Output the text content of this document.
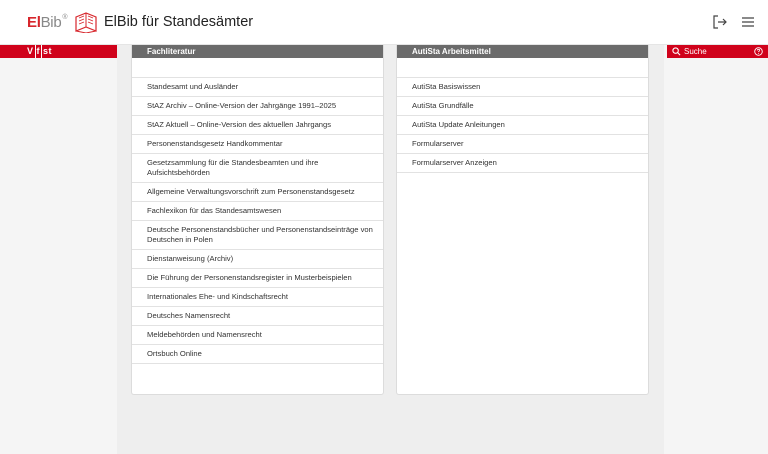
ElBib ®	ElBib für Standesämter
V f st	Fachliteratur
Standesamt und Ausländer
StAZ Archiv – Online-Version der Jahrgänge 1991–2025
StAZ Aktuell – Online-Version des aktuellen Jahrgangs
Personenstandsgesetz Handkommentar
Gesetzsammlung für die Standesbeamten und ihre Aufsichtsbehörden
Allgemeine Verwaltungsvorschrift zum Personenstandsgesetz
Fachlexikon für das Standesamtswesen
Deutsche Personenstandsbücher und Personenstandseinträge von Deutschen in Polen
Dienstanweisung (Archiv)
Die Führung der Personenstandsregister in Musterbeispielen
Internationales Ehe- und Kindschaftsrecht
Deutsches Namensrecht
Meldebehörden und Namensrecht
Ortsbuch Online
AutiSta Arbeitsmittel
AutiSta Basiswissen
AutiSta Grundfälle
AutiSta Update Anleitungen
Formularserver
Formularserver Anzeigen
Suche
